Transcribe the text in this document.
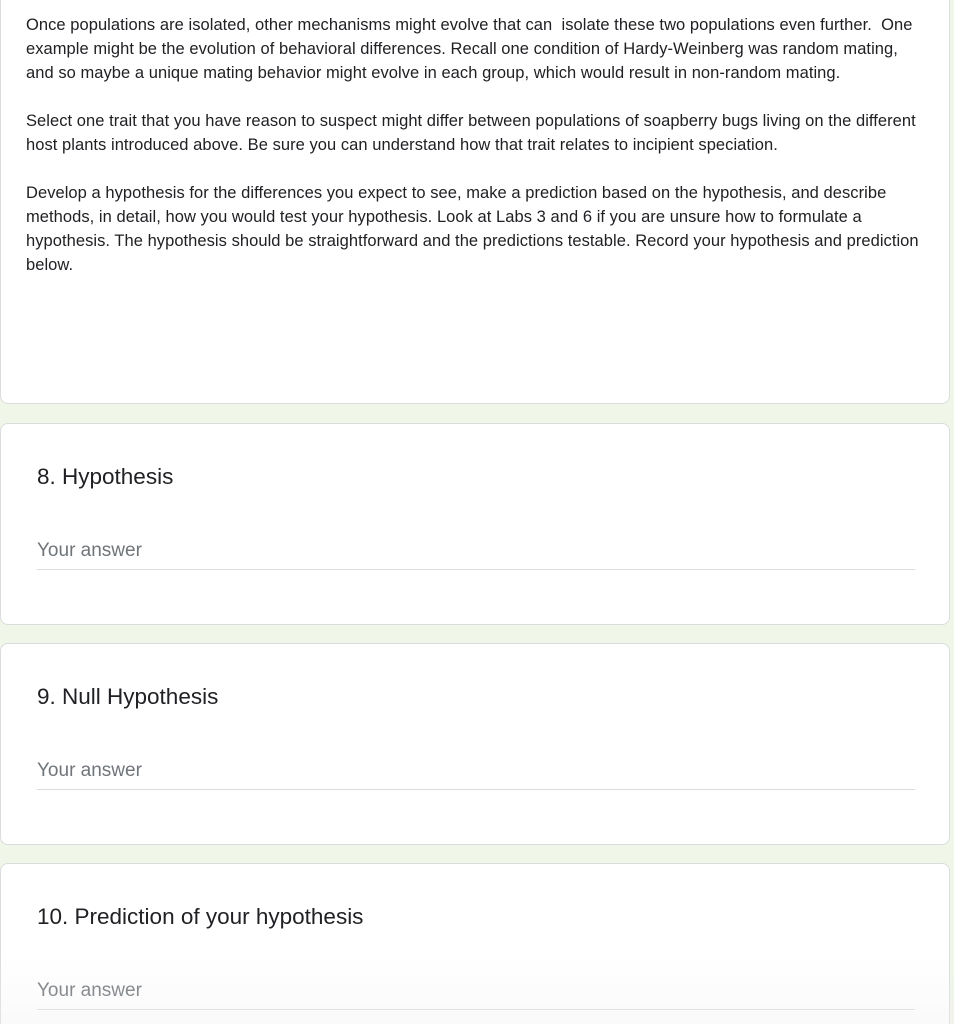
Once populations are isolated, other mechanisms might evolve that can  isolate these two populations even further.  One example might be the evolution of behavioral differences. Recall one condition of Hardy-Weinberg was random mating, and so maybe a unique mating behavior might evolve in each group, which would result in non-random mating.

Select one trait that you have reason to suspect might differ between populations of soapberry bugs living on the different host plants introduced above. Be sure you can understand how that trait relates to incipient speciation.

Develop a hypothesis for the differences you expect to see, make a prediction based on the hypothesis, and describe methods, in detail, how you would test your hypothesis. Look at Labs 3 and 6 if you are unsure how to formulate a hypothesis. The hypothesis should be straightforward and the predictions testable. Record your hypothesis and prediction below.

8. Hypothesis
Your answer
9. Null Hypothesis
Your answer
10. Prediction of your hypothesis
Your answer
